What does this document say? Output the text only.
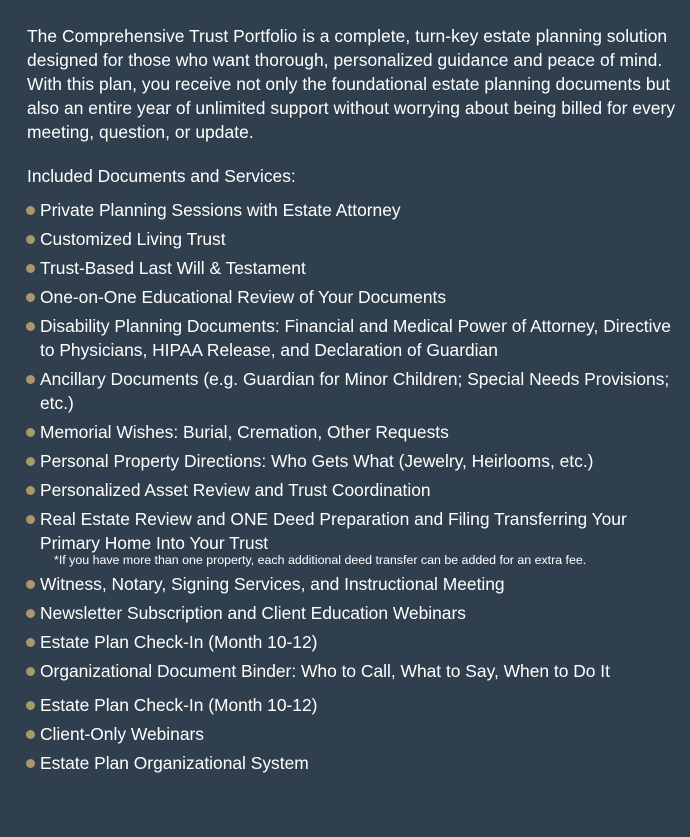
The Comprehensive Trust Portfolio is a complete, turn-key estate planning solution designed for those who want thorough, personalized guidance and peace of mind. With this plan, you receive not only the foundational estate planning documents but also an entire year of unlimited support without worrying about being billed for every meeting, question, or update.

Included Documents and Services:
Private Planning Sessions with Estate Attorney
Customized Living Trust
Trust-Based Last Will & Testament
One-on-One Educational Review of Your Documents
Disability Planning Documents: Financial and Medical Power of Attorney, Directive to Physicians, HIPAA Release, and Declaration of Guardian
Ancillary Documents (e.g. Guardian for Minor Children; Special Needs Provisions; etc.)
Memorial Wishes: Burial, Cremation, Other Requests
Personal Property Directions: Who Gets What (Jewelry, Heirlooms, etc.)
Personalized Asset Review and Trust Coordination
Real Estate Review and ONE Deed Preparation and Filing Transferring Your Primary Home Into Your Trust
*If you have more than one property, each additional deed transfer can be added for an extra fee.
Witness, Notary, Signing Services, and Instructional Meeting
Newsletter Subscription and Client Education Webinars
Estate Plan Check-In (Month 10-12)
Organizational Document Binder: Who to Call, What to Say, When to Do It
Estate Plan Check-In (Month 10-12)
Client-Only Webinars
Estate Plan Organizational System
